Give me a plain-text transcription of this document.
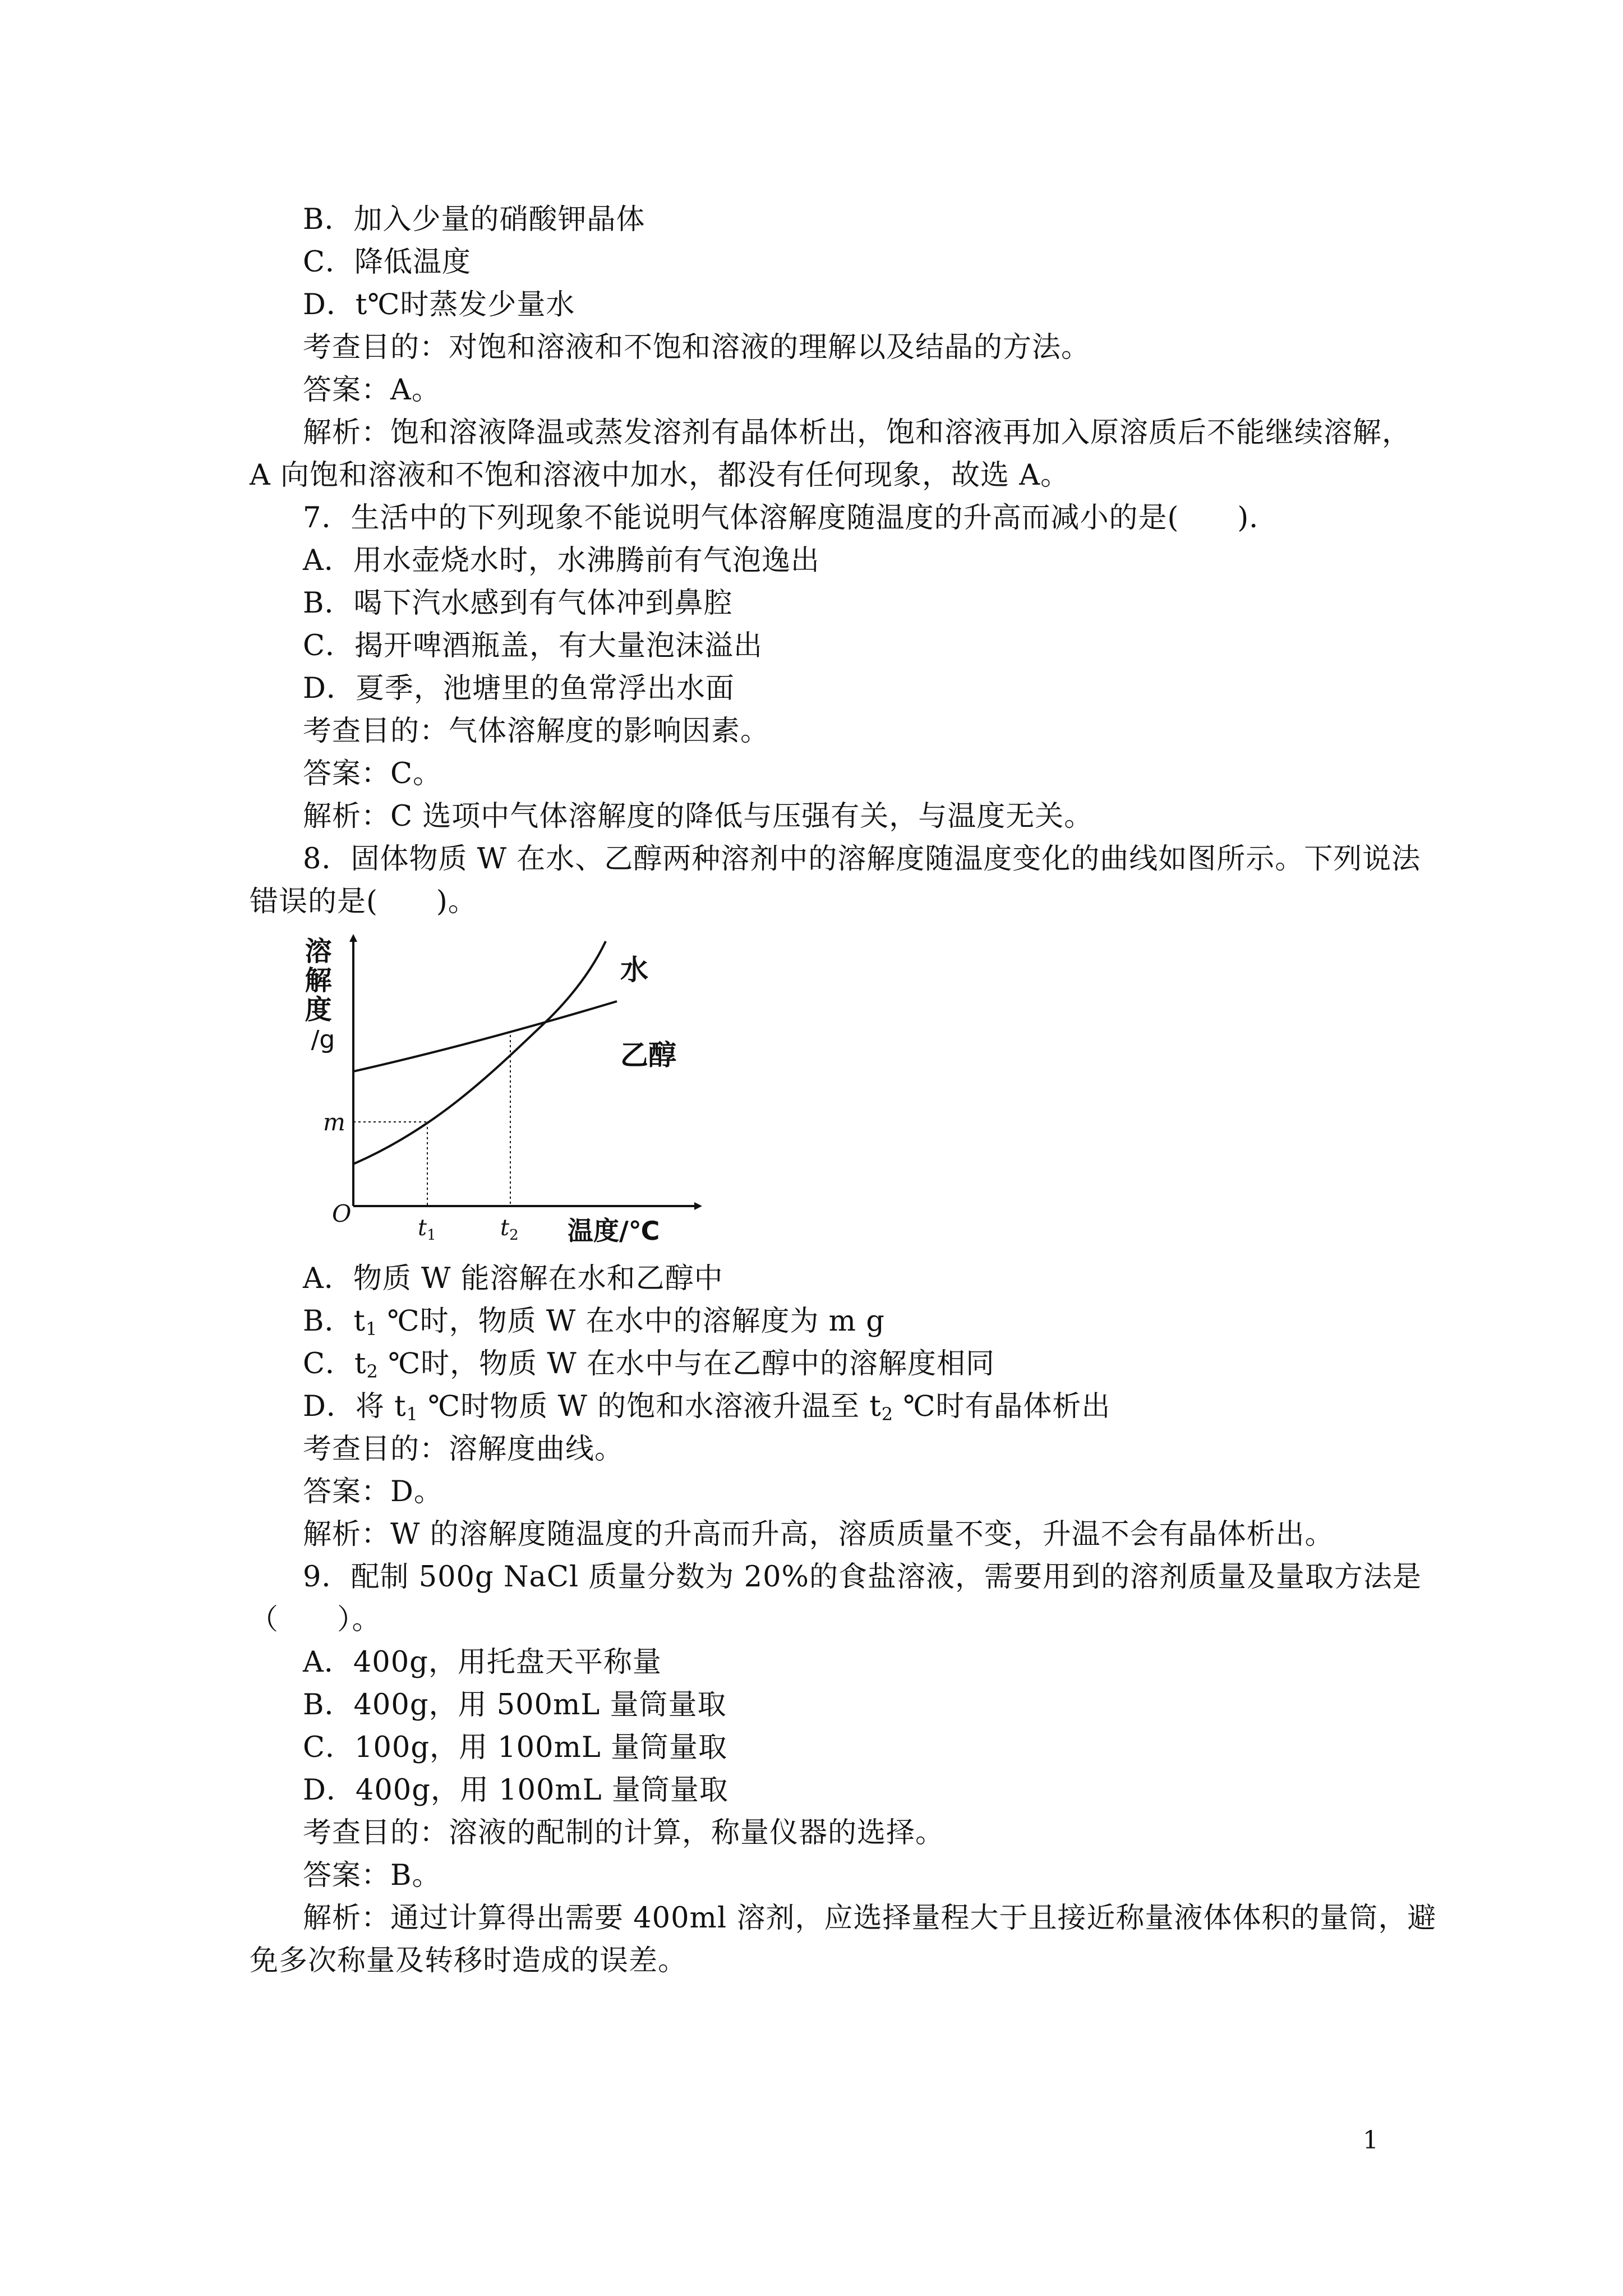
B．加入少量的硝酸钾晶体
C．降低温度
D．t℃时蒸发少量水
考查目的：对饱和溶液和不饱和溶液的理解以及结晶的方法。
答案：A。
解析：饱和溶液降温或蒸发溶剂有晶体析出，饱和溶液再加入原溶质后不能继续溶解，
A 向饱和溶液和不饱和溶液中加水，都没有任何现象，故选 A。
7．生活中的下列现象不能说明气体溶解度随温度的升高而减小的是(　　)．
A．用水壶烧水时，水沸腾前有气泡逸出
B．喝下汽水感到有气体冲到鼻腔
C．揭开啤酒瓶盖，有大量泡沫溢出
D．夏季，池塘里的鱼常浮出水面
考查目的：气体溶解度的影响因素。
答案：C。
解析：C 选项中气体溶解度的降低与压强有关，与温度无关。
8．固体物质 W 在水、乙醇两种溶剂中的溶解度随温度变化的曲线如图所示。下列说法
错误的是(　　)。
溶 解 度 /g
O
m
水
乙醇
$t_1$	$t_2$ 温度/℃
A．物质 W 能溶解在水和乙醇中
B．$t_1$ ℃时，物质 W 在水中的溶解度为 m g
C．$t_2$ ℃时，物质 W 在水中与在乙醇中的溶解度相同
D．将 $t_1$ ℃时物质 W 的饱和水溶液升温至 $t_2$ ℃时有晶体析出
考查目的：溶解度曲线。
答案：D。
解析：W 的溶解度随温度的升高而升高，溶质质量不变，升温不会有晶体析出。
9．配制 500g NaCl 质量分数为 20%的食盐溶液，需要用到的溶剂质量及量取方法是
（　　）。
A．400g，用托盘天平称量
B．400g，用 500mL 量筒量取
C．100g，用 100mL 量筒量取
D．400g，用 100mL 量筒量取
考查目的：溶液的配制的计算，称量仪器的选择。
答案：B。
解析：通过计算得出需要 400ml 溶剂，应选择量程大于且接近称量液体体积的量筒，避
免多次称量及转移时造成的误差。
1
